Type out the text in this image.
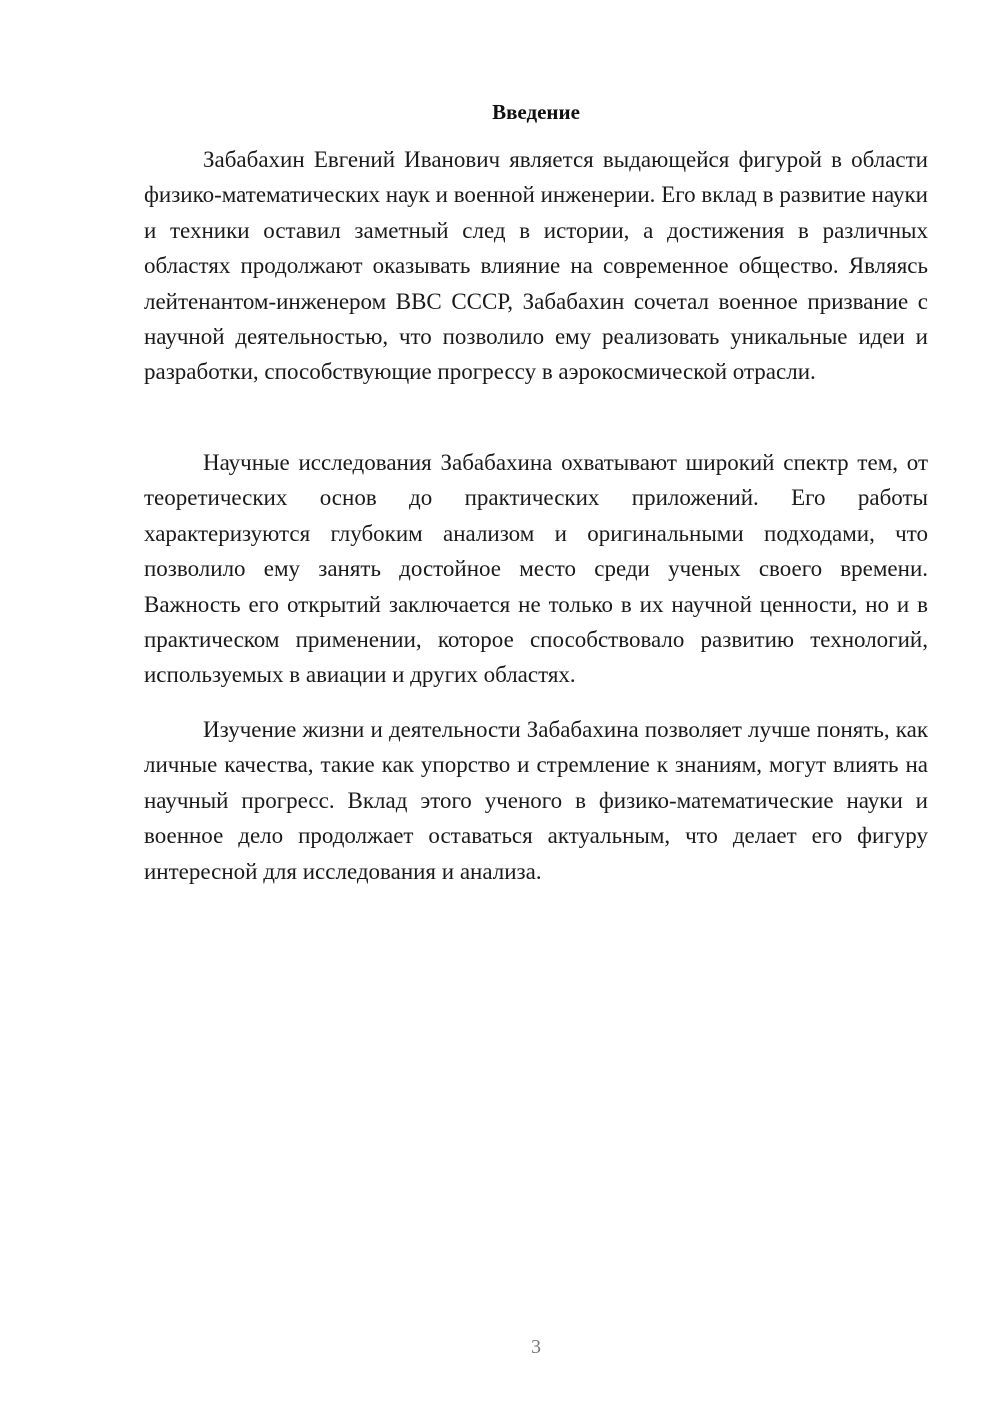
Введение

Забабахин Евгений Иванович является выдающейся фигурой в области физико-математических наук и военной инженерии. Его вклад в развитие науки и техники оставил заметный след в истории, а достижения в различных областях продолжают оказывать влияние на современное общество. Являясь лейтенантом-инженером ВВС СССР, Забабахин сочетал военное призвание с научной деятельностью, что позволило ему реализовать уникальные идеи и разработки, способствующие прогрессу в аэрокосмической отрасли.

Научные исследования Забабахина охватывают широкий спектр тем, от теоретических основ до практических приложений. Его работы характеризуются глубоким анализом и оригинальными подходами, что позволило ему занять достойное место среди ученых своего времени. Важность его открытий заключается не только в их научной ценности, но и в практическом применении, которое способствовало развитию технологий, используемых в авиации и других областях.

Изучение жизни и деятельности Забабахина позволяет лучше понять, как личные качества, такие как упорство и стремление к знаниям, могут влиять на научный прогресс. Вклад этого ученого в физико-математические науки и военное дело продолжает оставаться актуальным, что делает его фигуру интересной для исследования и анализа.

3
